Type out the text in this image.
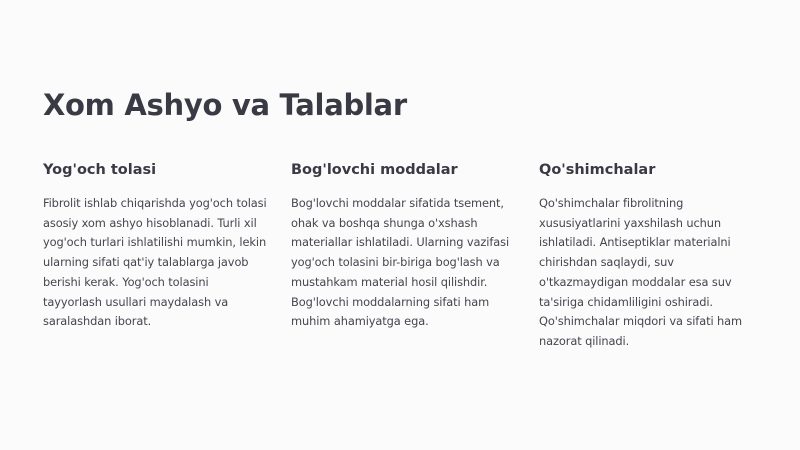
Xom Ashyo va Talablar
Yog'och tolasi

Fibrolit ishlab chiqarishda yog'och tolasi asosiy xom ashyo hisoblanadi. Turli xil yog'och turlari ishlatilishi mumkin, lekin ularning sifati qat'iy talablarga javob berishi kerak. Yog'och tolasini tayyorlash usullari maydalash va saralashdan iborat.

Bog'lovchi moddalar

Bog'lovchi moddalar sifatida tsement, ohak va boshqa shunga o'xshash materiallar ishlatiladi. Ularning vazifasi yog'och tolasini bir-biriga bog'lash va mustahkam material hosil qilishdir. Bog'lovchi moddalarning sifati ham muhim ahamiyatga ega.

Qo'shimchalar

Qo'shimchalar fibrolitning xususiyatlarini yaxshilash uchun ishlatiladi. Antiseptiklar materialni chirishdan saqlaydi, suv o'tkazmaydigan moddalar esa suv ta'siriga chidamliligini oshiradi. Qo'shimchalar miqdori va sifati ham nazorat qilinadi.
